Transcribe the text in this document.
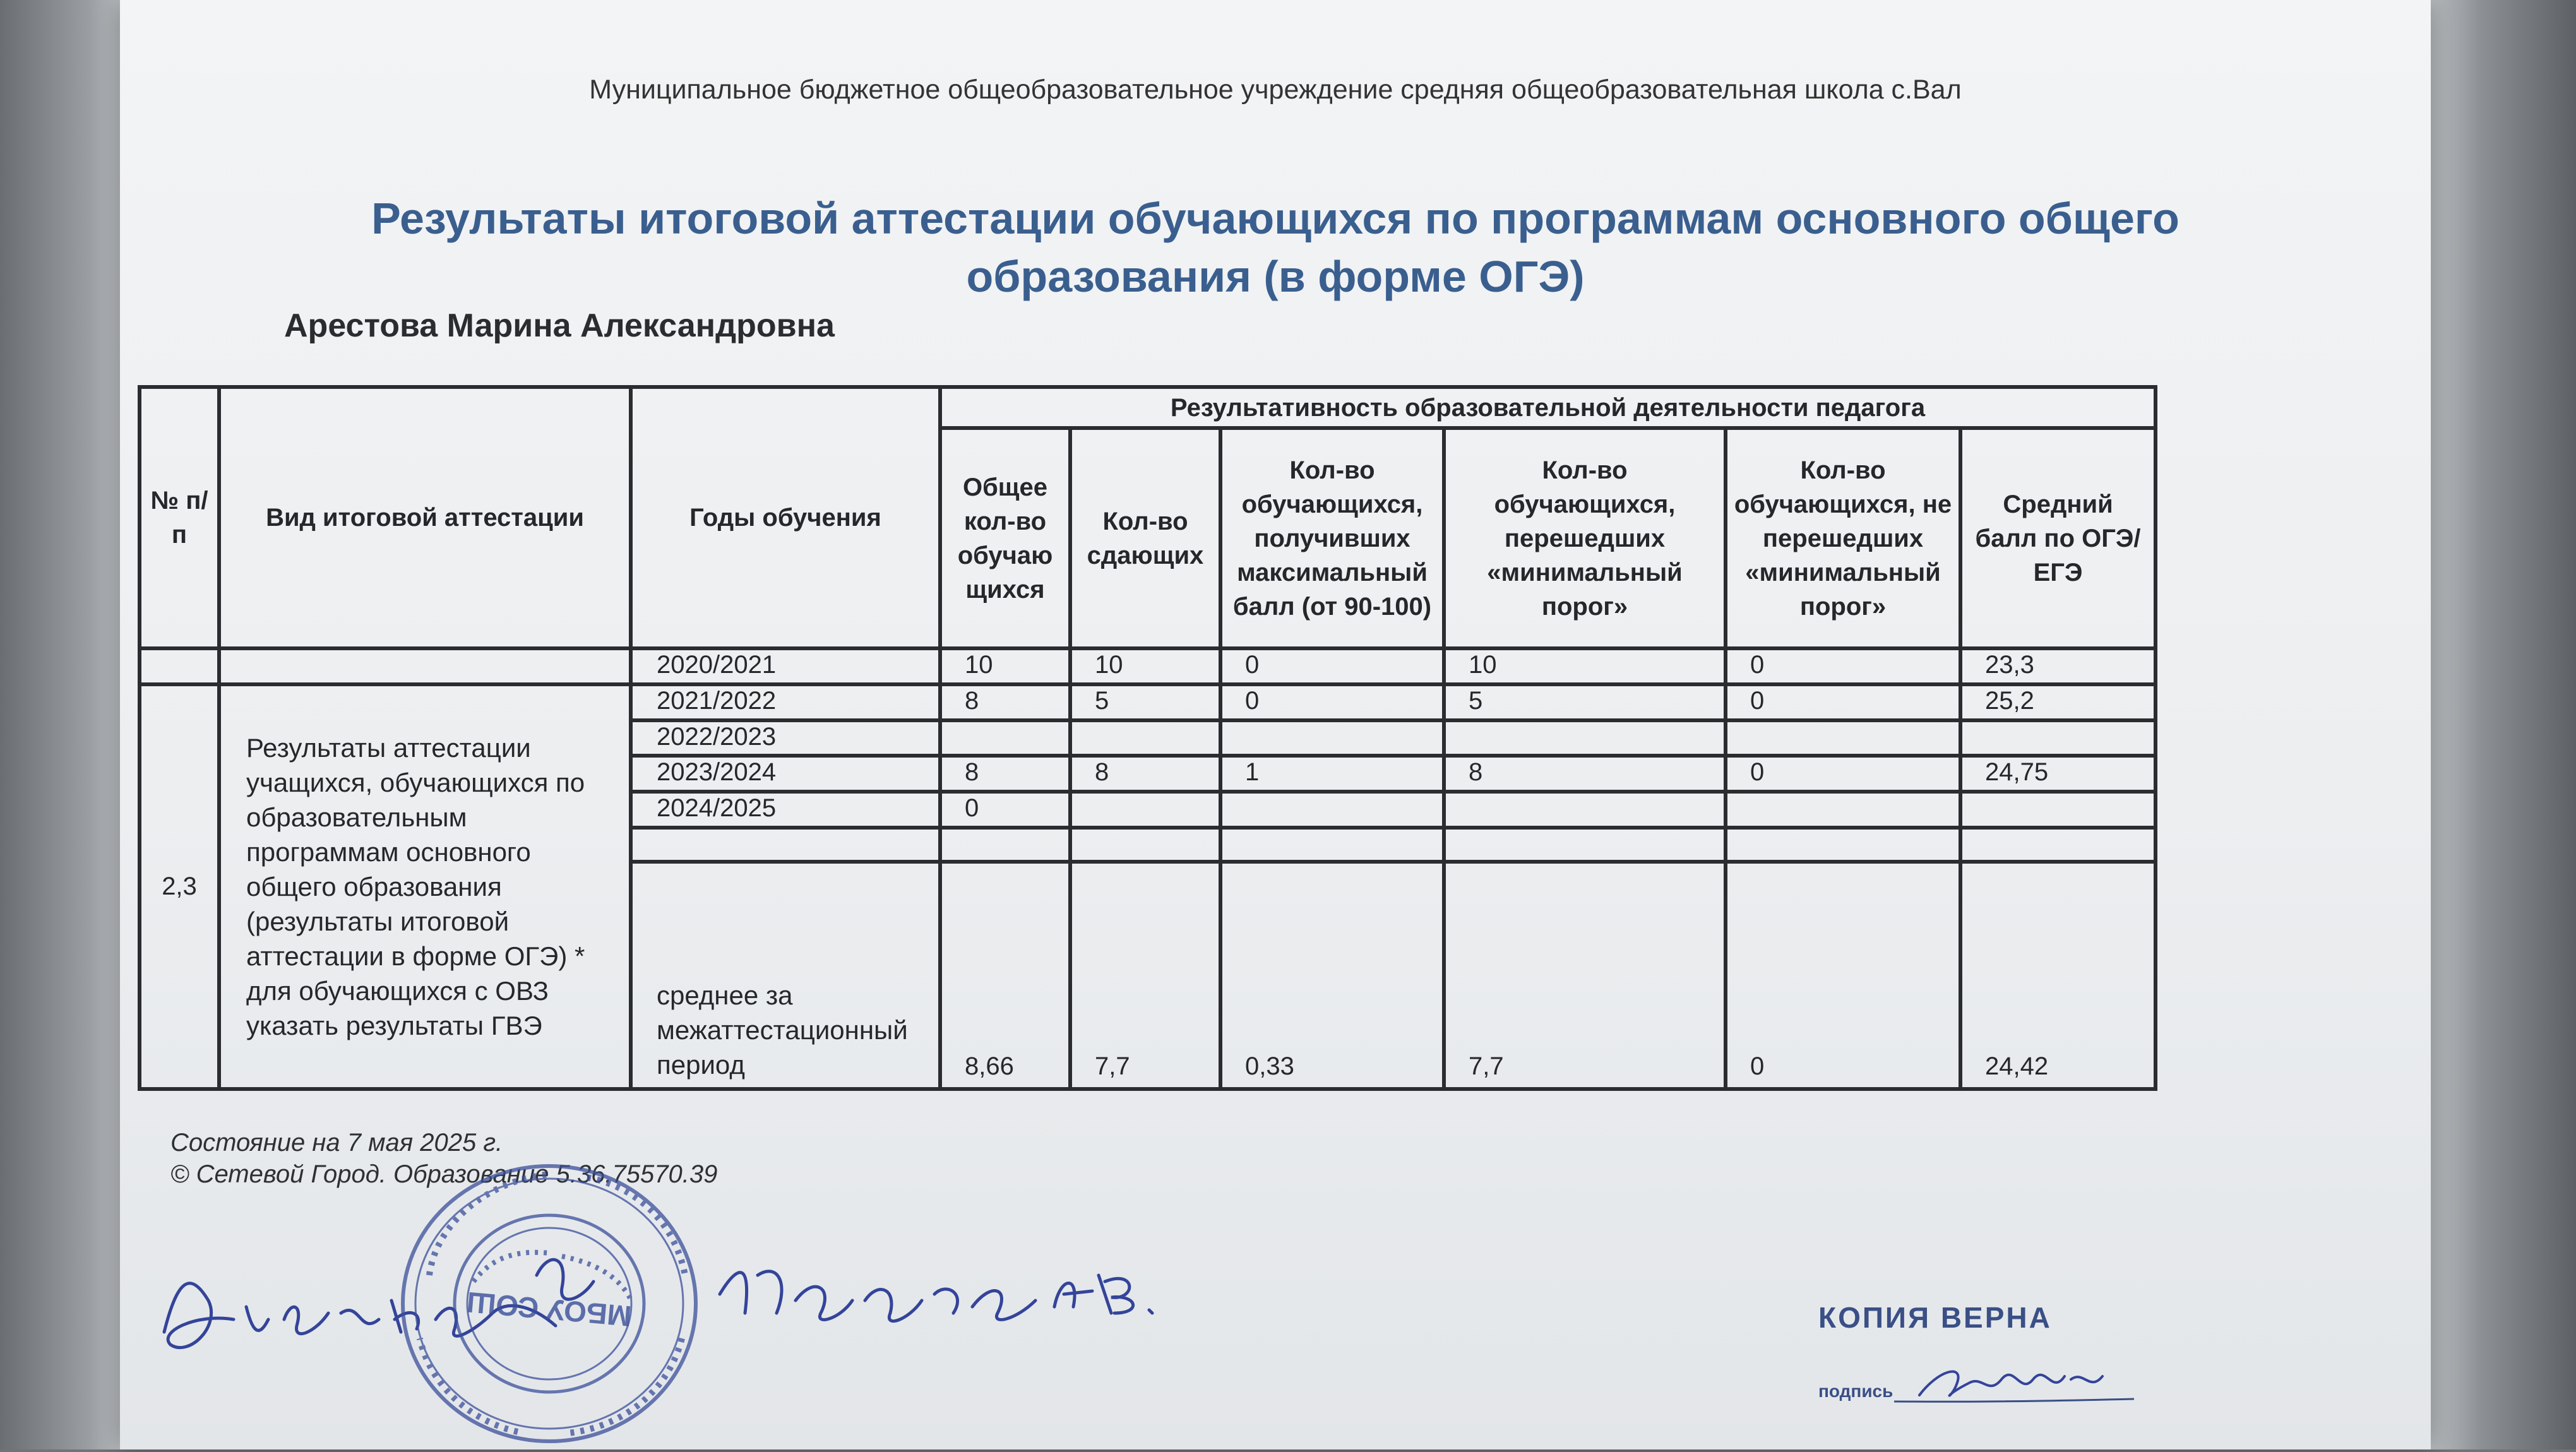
Муниципальное бюджетное общеобразовательное учреждение средняя общеобразовательная школа с.Вал
Результаты итоговой аттестации обучающихся по программам основного общего
образования (в форме ОГЭ)
Арестова Марина Александровна
№ п/п	Вид итоговой аттестации	Годы обучения	Результативность образовательной деятельности педагога					
			Общее кол-во обучаю щихся	Кол-во сдающих	Кол-во обучающихся, получивших максимальный балл (от 90-100)	Кол-во обучающихся, перешедших «минимальный порог»	Кол-во обучающихся, не перешедших «минимальный порог»	Средний балл по ОГЭ/ЕГЭ
		2020/2021	10	10	0	10	0	23,3
2,3	Результаты аттестации учащихся, обучающихся по образовательным программам основного общего образования (результаты итоговой аттестации в форме ОГЭ) * для обучающихся с ОВЗ указать результаты ГВЭ	2021/2022	8	5	0	5	0	25,2
		2022/2023						
		2023/2024	8	8	1	8	0	24,75
		2024/2025	0					

		среднее за межаттестационный период	8,66	7,7	0,33	7,7	0	24,42
Состояние на 7 мая 2025 г.
© Сетевой Город. Образование 5.36.75570.39
МБОУ СОШ	КОПИЯ ВЕРНА
подпись
